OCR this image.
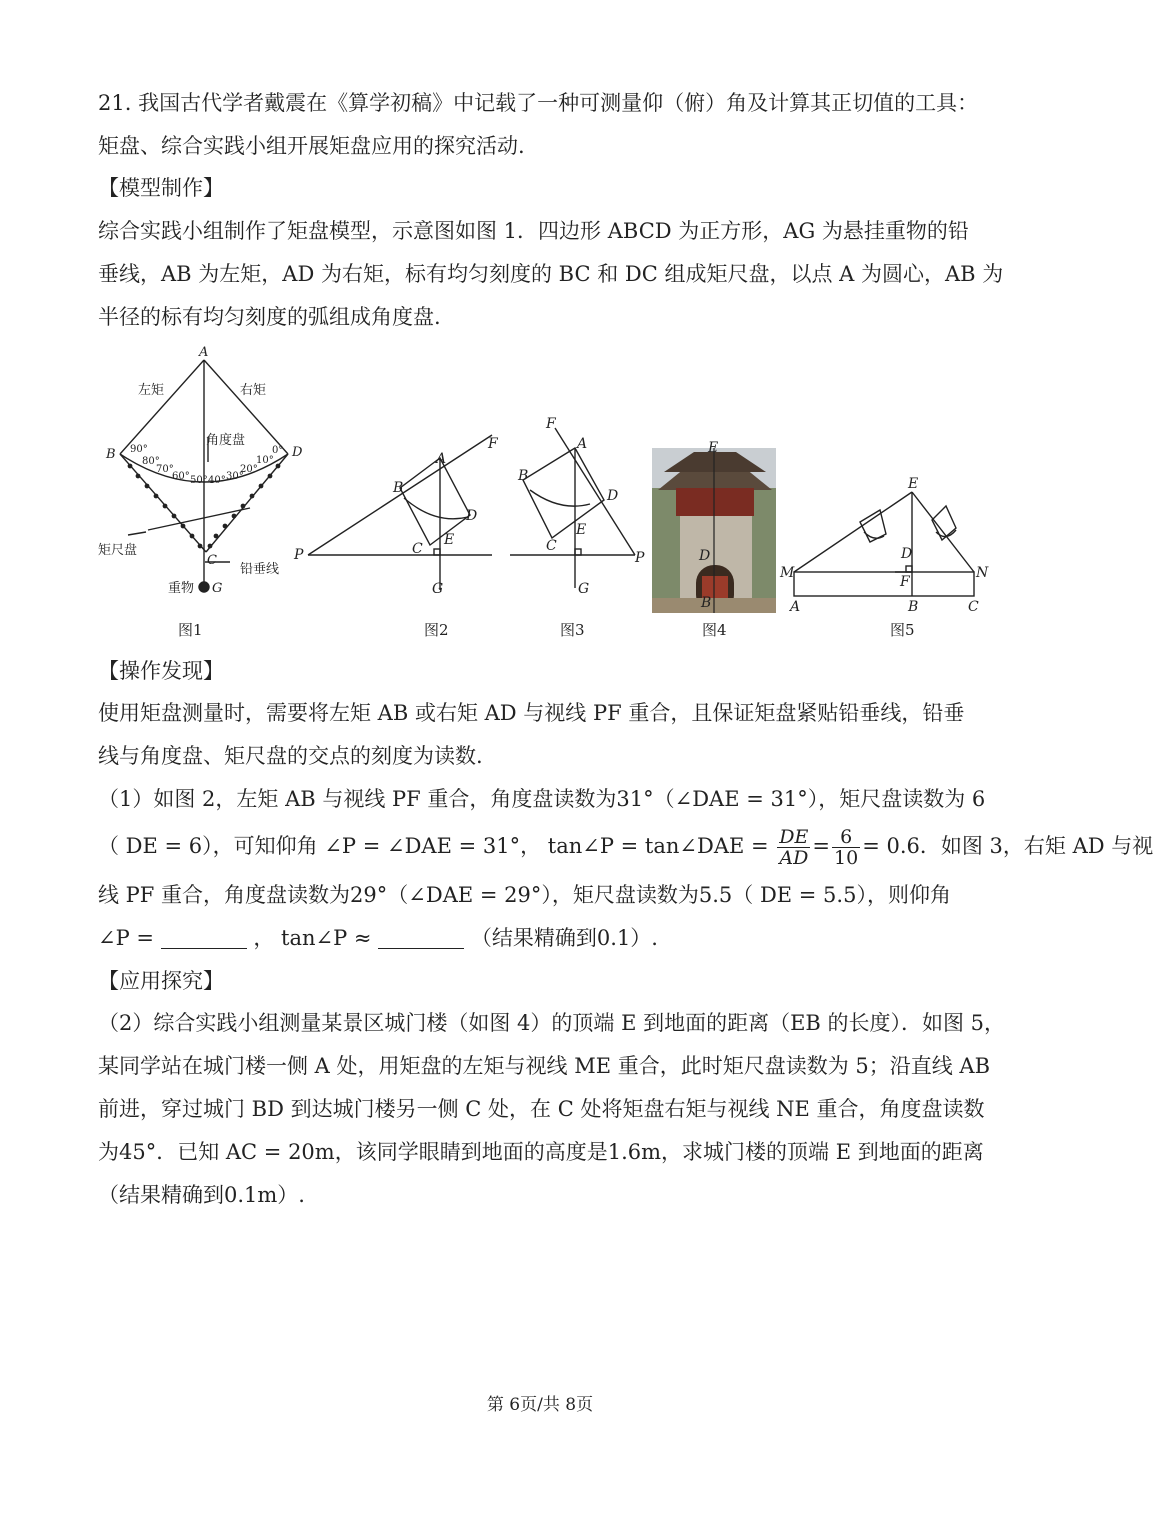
21. 我国古代学者戴震在《算学初稿》中记载了一种可测量仰（俯）角及计算其正切值的工具：
矩盘、综合实践小组开展矩盘应用的探究活动.
【模型制作】
综合实践小组制作了矩盘模型，示意图如图 1．四边形 ABCD 为正方形，AG 为悬挂重物的铅
垂线，AB 为左矩，AD 为右矩，标有均匀刻度的 BC 和 DC 组成矩尺盘，以点 A 为圆心，AB 为
半径的标有均匀刻度的弧组成角度盘.
A
B	D
C
G
左矩	右矩
角度盘
矩尺盘
铅垂线
重物
90°
80°
70°
60° 50° 40° 30°
20°
10°
0°
图1
P
F
A
B
D
C
E
G
图2
F
A
B
D
E
C
P
G
图3
E
D
B
图4
E
D
F
M	N
A	B	C
图5
【操作发现】
使用矩盘测量时，需要将左矩 AB 或右矩 AD 与视线 PF 重合，且保证矩盘紧贴铅垂线，铅垂
线与角度盘、矩尺盘的交点的刻度为读数.
（1）如图 2，左矩 AB 与视线 PF 重合，角度盘读数为31°（∠DAE = 31°），矩尺盘读数为 6
（ DE = 6），可知仰角 ∠P = ∠DAE = 31°， tan∠P = tan∠DAE = $\frac{DE}{AD} = \frac{6}{10} = 0.6$．如图 3，右矩 AD 与视
线 PF 重合，角度盘读数为29°（∠DAE = 29°），矩尺盘读数为5.5（ DE = 5.5），则仰角
∠P =	， tan∠P ≈	（结果精确到0.1）.
【应用探究】
（2）综合实践小组测量某景区城门楼（如图 4）的顶端 E 到地面的距离（EB 的长度）．如图 5，
某同学站在城门楼一侧 A 处，用矩盘的左矩与视线 ME 重合，此时矩尺盘读数为 5；沿直线 AB
前进，穿过城门 BD 到达城门楼另一侧 C 处，在 C 处将矩盘右矩与视线 NE 重合，角度盘读数
为45°．已知 AC = 20m，该同学眼睛到地面的高度是1.6m，求城门楼的顶端 E 到地面的距离
（结果精确到0.1m）.
第 6页/共 8页
